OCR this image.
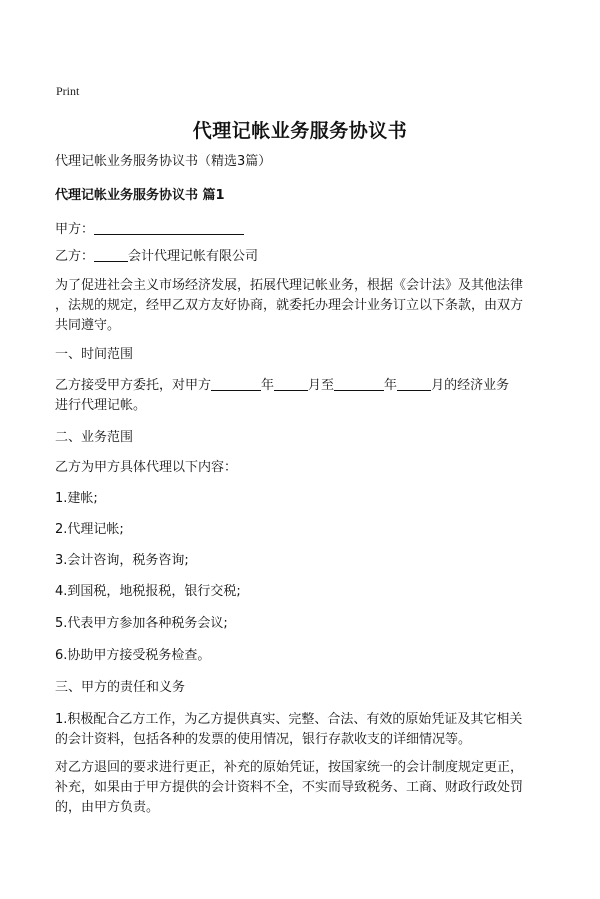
Print
代理记帐业务服务协议书
代理记帐业务服务协议书（精选3篇）
代理记帐业务服务协议书 篇1
甲方：
乙方：	会计代理记帐有限公司
为了促进社会主义市场经济发展，拓展代理记帐业务，根据《会计法》及其他法律
，法规的规定，经甲乙双方友好协商，就委托办理会计业务订立以下条款，由双方
共同遵守。
一、时间范围
乙方接受甲方委托，对甲方	年	月至	年	月的经济业务
进行代理记帐。
二、业务范围
乙方为甲方具体代理以下内容：
1.建帐;
2.代理记帐;
3.会计咨询，税务咨询;
4.到国税，地税报税，银行交税;
5.代表甲方参加各种税务会议;
6.协助甲方接受税务检查。
三、甲方的责任和义务
1.积极配合乙方工作，为乙方提供真实、完整、合法、有效的原始凭证及其它相关
的会计资料，包括各种的发票的使用情况，银行存款收支的详细情况等。
对乙方退回的要求进行更正，补充的原始凭证，按国家统一的会计制度规定更正，
补充，如果由于甲方提供的会计资料不全，不实而导致税务、工商、财政行政处罚
的，由甲方负责。
